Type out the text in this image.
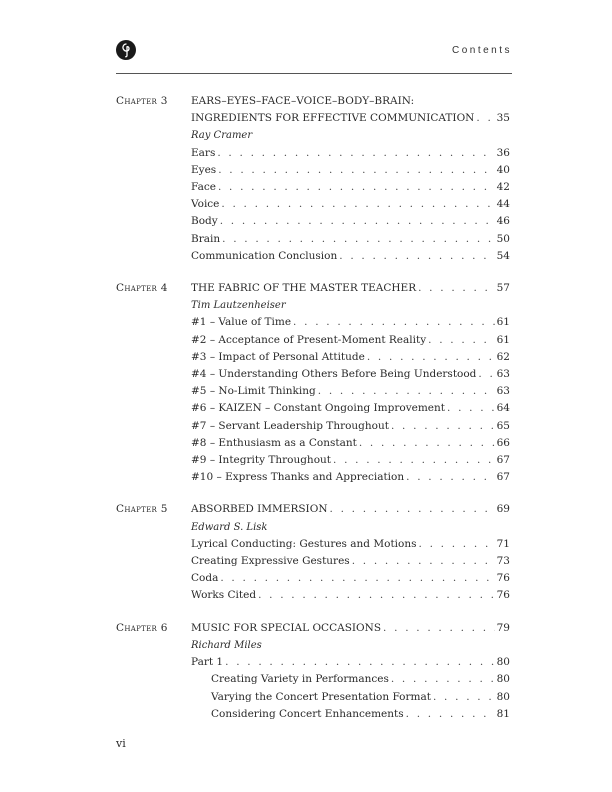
Contents
Chapter 3 EARS–EYES–FACE–VOICE–BODY–BRAIN:
INGREDIENTS FOR EFFECTIVE COMMUNICATION . . . 35
Ray Cramer
Ears . . .	36
Eyes . . .	40
Face . . .	42
Voice . . .	44
Body . . .	46
Brain . . .	50
Communication Conclusion . . .	54
Chapter 4 THE FABRIC OF THE MASTER TEACHER . . .	57
Tim Lautzenheiser
#1 – Value of Time . . .	61
#2 – Acceptance of Present-Moment Reality . . .	61
#3 – Impact of Personal Attitude . . .	62
#4 – Understanding Others Before Being Understood . . . 63
#5 – No-Limit Thinking . . .	63
#6 – KAIZEN – Constant Ongoing Improvement . . .	64
#7 – Servant Leadership Throughout . . .	65
#8 – Enthusiasm as a Constant . . .	66
#9 – Integrity Throughout . . .	67
#10 – Express Thanks and Appreciation . . .	67
Chapter 5 ABSORBED IMMERSION . . .	69
Edward S. Lisk
Lyrical Conducting: Gestures and Motions . . .	71
Creating Expressive Gestures . . .	73
Coda . . .	76
Works Cited . . .	76
Chapter 6 MUSIC FOR SPECIAL OCCASIONS . . .	79
Richard Miles
Part 1 . . .	80
Creating Variety in Performances . . .	80
Varying the Concert Presentation Format . . .	80
Considering Concert Enhancements . . .	81
vi
